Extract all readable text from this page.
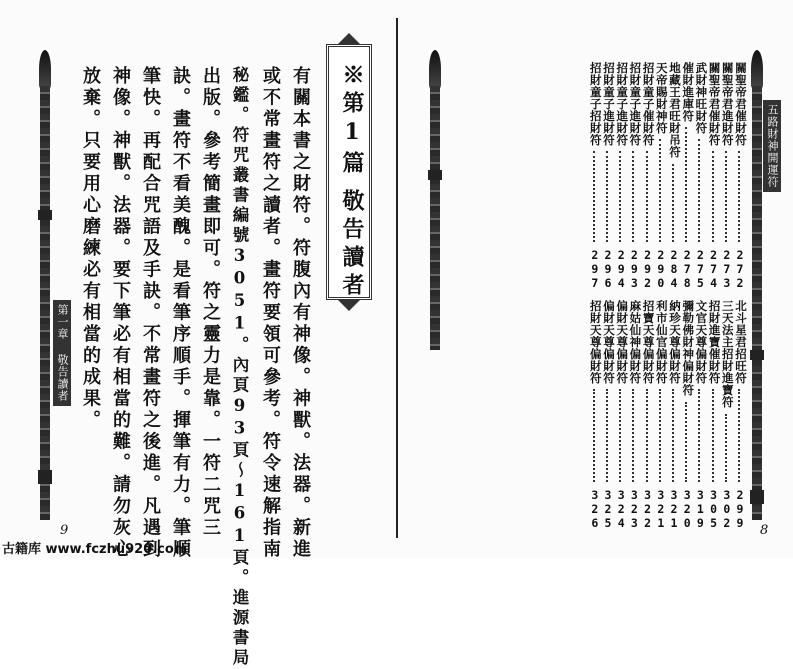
第一章 敬告讀者
※第1篇敬告讀者
有關本書之財符。符腹內有神像。神獸。法器。新進
或不常畫符之讀者。畫符要領可參考。符令速解指南
秘鑑。符咒叢書編號3051。內頁93頁～161頁。進源書局
出版。參考簡畫即可。符之靈力是靠。一符二咒三
訣。畫符不看美醜。是看筆序順手。揮筆有力。筆順
筆快。再配合咒語及手訣。不常畫符之後進。凡遇到
神像。神獸。法器。要下筆必有相當的難。請勿灰心
放棄。只要用心磨練必有相當的成果。
9
五路財神開運符
8
關聖帝君催財符
272
關聖帝君進財符
273
關聖帝君催財符
274
武財神旺財符
275
催財進庫符
278
地藏王君旺財吊符
284
天帝賜財神符
290
招財童子催財符
292
招財童子進財符
293
招財童子進財符
294
招財童子進財符
296
招財童子招財符
297
北斗星君招旺符
299
三天法主招財進寶符
302
招財進寶催財符
305
文官天尊偏財符
319
彌勒佛財神偏財符
320
納珍天尊偏財符
321
利市仙官偏財符
321
招寶天尊偏財符
322
麻姑仙神偏財符
323
偏財天尊偏財符
324
偏財天尊偏財符
325
招財天尊偏財符
326
古籍库 www.fczhu920.com
